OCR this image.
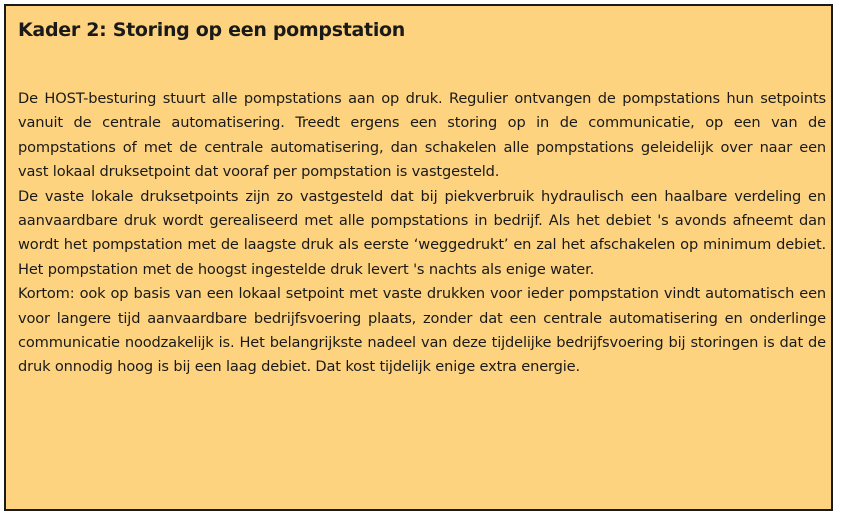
Kader 2: Storing op een pompstation

De HOST-besturing stuurt alle pompstations aan op druk. Regulier ontvangen de pompstations hun setpoints vanuit de centrale automatisering. Treedt ergens een storing op in de communicatie, op een van de pompstations of met de centrale automatisering, dan schakelen alle pompstations geleidelijk over naar een vast lokaal druksetpoint dat vooraf per pompstation is vastgesteld.

De vaste lokale druksetpoints zijn zo vastgesteld dat bij piekverbruik hydraulisch een haalbare verdeling en aanvaardbare druk wordt gerealiseerd met alle pompstations in bedrijf. Als het debiet 's avonds afneemt dan wordt het pompstation met de laagste druk als eerste ‘weggedrukt’ en zal het afschakelen op minimum debiet. Het pompstation met de hoogst ingestelde druk levert 's nachts als enige water.

Kortom: ook op basis van een lokaal setpoint met vaste drukken voor ieder pompstation vindt automatisch een voor langere tijd aanvaardbare bedrijfsvoering plaats, zonder dat een centrale automatisering en onderlinge communicatie noodzakelijk is. Het belangrijkste nadeel van deze tijdelijke bedrijfsvoering bij storingen is dat de druk onnodig hoog is bij een laag debiet. Dat kost tijdelijk enige extra energie.
